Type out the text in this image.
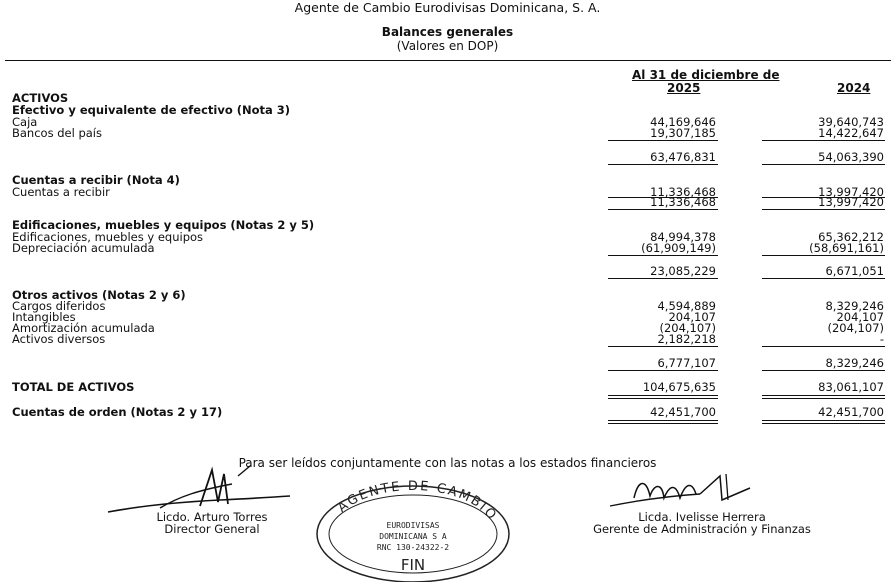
Agente de Cambio Eurodivisas Dominicana, S. A.
Balances generales
(Valores en DOP)
Al 31 de diciembre de
2025	2024
ACTIVOS
Efectivo y equivalente de efectivo (Nota 3)
Caja	44,169,646	39,640,743
Bancos del país	19,307,185	14,422,647
63,476,831	54,063,390
Cuentas a recibir (Nota 4)
Cuentas a recibir	11,336,468	13,997,420
11,336,468	13,997,420
Edificaciones, muebles y equipos (Notas 2 y 5)
Edificaciones, muebles y equipos	84,994,378	65,362,212
Depreciación acumulada	(61,909,149)	(58,691,161)
23,085,229	6,671,051
Otros activos (Notas 2 y 6)
Cargos diferidos	4,594,889	8,329,246
Intangibles	204,107	204,107
Amortización acumulada	(204,107)	(204,107)
Activos diversos	2,182,218	-
6,777,107	8,329,246
TOTAL DE ACTIVOS	104,675,635	83,061,107
Cuentas de orden (Notas 2 y 17)	42,451,700	42,451,700
Para ser leídos conjuntamente con las notas a los estados financieros
Licdo. Arturo Torres
Director General
AGENTE DE CAMBIO
EURODIVISAS
DOMINICANA S A
RNC 130-24322-2
FIN
Licda. Ivelisse Herrera
Gerente de Administración y Finanzas
